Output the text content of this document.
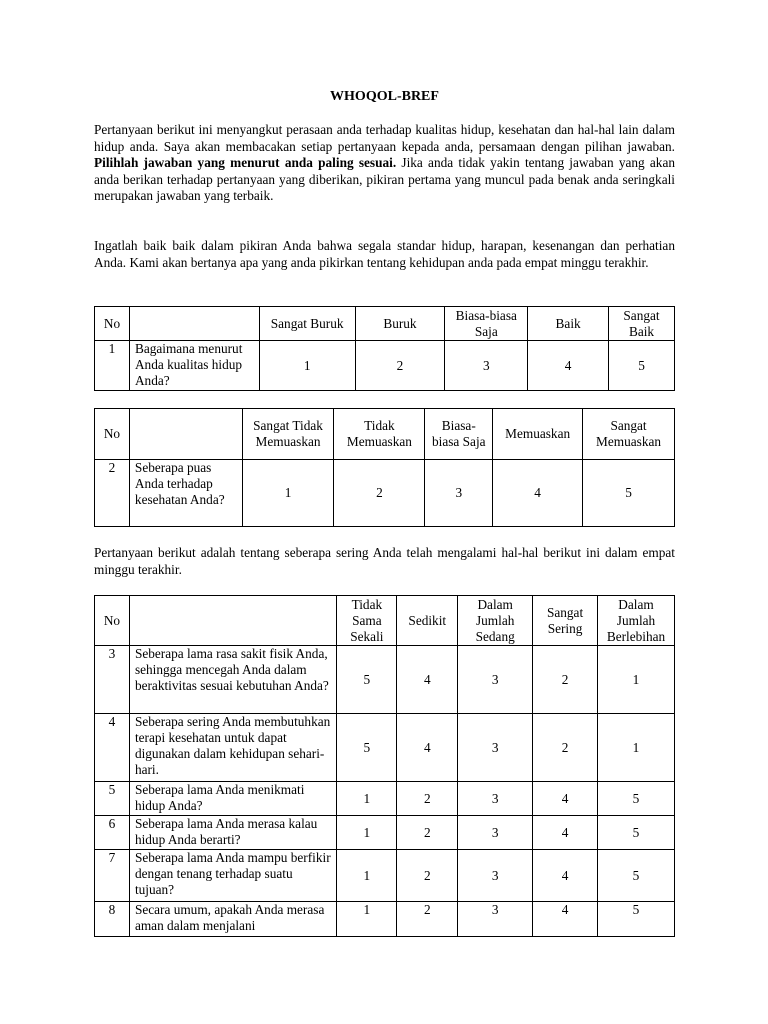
WHOQOL-BREF
Pertanyaan berikut ini menyangkut perasaan anda terhadap kualitas hidup, kesehatan dan hal-hal lain dalam hidup anda. Saya akan membacakan setiap pertanyaan kepada anda, persamaan dengan pilihan jawaban. Pilihlah jawaban yang menurut anda paling sesuai. Jika anda tidak yakin tentang jawaban yang akan anda berikan terhadap pertanyaan yang diberikan, pikiran pertama yang muncul pada benak anda seringkali merupakan jawaban yang terbaik.
Ingatlah baik baik dalam pikiran Anda bahwa segala standar hidup, harapan, kesenangan dan perhatian Anda. Kami akan bertanya apa yang anda pikirkan tentang kehidupan anda pada empat minggu terakhir.
No		Sangat Buruk	Buruk	Biasa-biasa Saja	Baik	Sangat Baik
1	Bagaimana menurut Anda kualitas hidup Anda?	1	2	3	4	5
No		Sangat Tidak Memuaskan	Tidak Memuaskan	Biasa-biasa Saja	Memuaskan	Sangat Memuaskan
2	Seberapa puas Anda terhadap kesehatan Anda?	1	2	3	4	5
Pertanyaan berikut adalah tentang seberapa sering Anda telah mengalami hal-hal berikut ini dalam empat minggu terakhir.
No		Tidak Sama Sekali	Sedikit	Dalam Jumlah Sedang	Sangat Sering	Dalam Jumlah Berlebihan
3	Seberapa lama rasa sakit fisik Anda, sehingga mencegah Anda dalam beraktivitas sesuai kebutuhan Anda?	5	4	3	2	1
4	Seberapa sering Anda membutuhkan terapi kesehatan untuk dapat digunakan dalam kehidupan sehari-hari.	5	4	3	2	1
5	Seberapa lama Anda menikmati hidup Anda?	1	2	3	4	5
6	Seberapa lama Anda merasa kalau hidup Anda berarti?	1	2	3	4	5
7	Seberapa lama Anda mampu berfikir dengan tenang terhadap suatu tujuan?	1	2	3	4	5
8	Secara umum, apakah Anda merasa aman dalam menjalani	1	2	3	4	5
